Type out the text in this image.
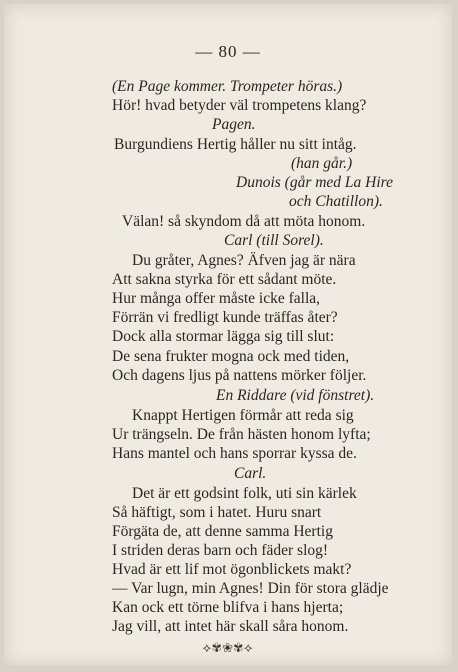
— 80 —
(En Page kommer. Trompeter höras.)
Hör! hvad betyder väl trompetens klang?
Pagen.
Burgundiens Hertig håller nu sitt intåg.
(han går.)
Dunois (går med La Hire
och Chatillon).
Välan! så skyndom då att möta honom.
Carl (till Sorel).
Du gråter, Agnes? Äfven jag är nära
Att sakna styrka för ett sådant möte.
Hur många offer måste icke falla,
Förrän vi fredligt kunde träffas åter?
Dock alla stormar läggа sig till slut:
De sena frukter mogna ock med tiden,
Och dagens ljus på nattens mörker följer.
En Riddare (vid fönstret).
Knappt Hertigen förmår att reda sig
Ur trängseln. De från hästen honom lyfta;
Hans mantel och hans sporrar kyssa de.
Carl.
Det är ett godsint folk, uti sin kärlek
Så häftigt, som i hatet. Huru snart
Förgäta de, att denne samma Hertig
I striden deras barn och fäder slog!
Hvad är ett lif mot ögonblickets makt?
— Var lugn, min Agnes! Din för stora glädje
Kan ock ett törne blifva i hans hjerta;
Jag vill, att intet här skall såra honom.
⟡✾❀✾⟡
